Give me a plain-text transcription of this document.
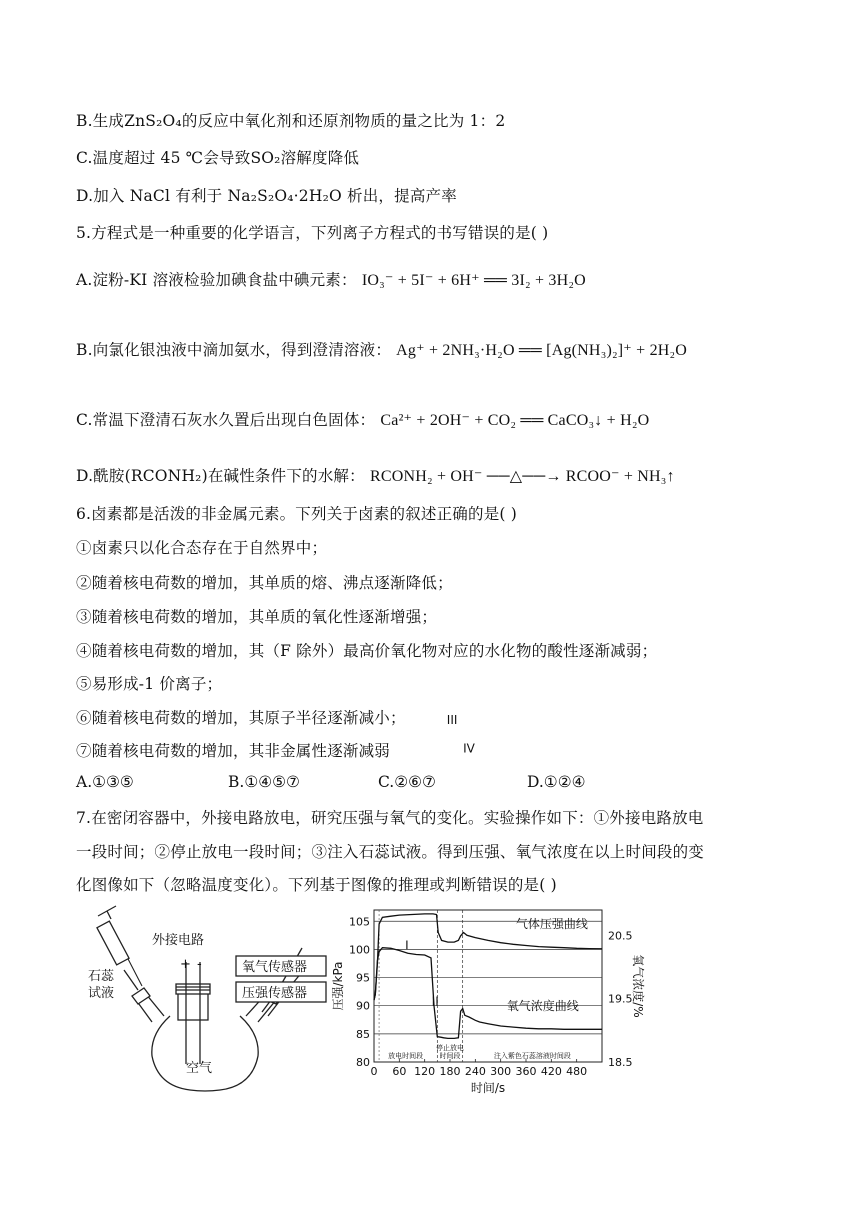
B.生成ZnS₂O₄的反应中氧化剂和还原剂物质的量之比为 1：2
C.温度超过 45 ℃会导致SO₂溶解度降低
D.加入 NaCl 有利于 Na₂S₂O₄·2H₂O 析出，提高产率
5.方程式是一种重要的化学语言，下列离子方程式的书写错误的是( )
A.淀粉-KI 溶液检验加碘食盐中碘元素： IO₃⁻ + 5I⁻ + 6H⁺ ══ 3I₂ + 3H₂O
B.向氯化银浊液中滴加氨水，得到澄清溶液： Ag⁺ + 2NH₃·H₂O ══ [Ag(NH₃)₂]⁺ + 2H₂O
C.常温下澄清石灰水久置后出现白色固体： Ca²⁺ + 2OH⁻ + CO₂ ══ CaCO₃↓ + H₂O
D.酰胺(RCONH₂)在碱性条件下的水解： RCONH₂ + OH⁻ ──△──→ RCOO⁻ + NH₃↑
6.卤素都是活泼的非金属元素。下列关于卤素的叙述正确的是( )
①卤素只以化合态存在于自然界中；
②随着核电荷数的增加，其单质的熔、沸点逐渐降低；
③随着核电荷数的增加，其单质的氧化性逐渐增强；
④随着核电荷数的增加，其（F 除外）最高价氧化物对应的水化物的酸性逐渐减弱；
⑤易形成-1 价离子；
⑥随着核电荷数的增加，其原子半径逐渐减小；
⑦随着核电荷数的增加，其非金属性逐渐减弱
A.①③⑤	B.①④⑤⑦	C.②⑥⑦	D.①②④
7.在密闭容器中，外接电路放电，研究压强与氧气的变化。实验操作如下：①外接电路放电
一段时间；②停止放电一段时间；③注入石蕊试液。得到压强、氧气浓度在以上时间段的变
化图像如下（忽略温度变化）。下列基于图像的推理或判断错误的是( )
外接电路
+ -
石蕊
试液
氧气传感器
压强传感器
空气	80
85
90
95
100
105
0 60 120 180 240 300 360 420 480
18.5
19.5
20.5
气体压强曲线
氧气浓度曲线
I
II
III
IV
放电时间段
停止放电
时间段	注入紫色石蕊溶液时间段
时间/s
压强/kPa	氧气浓度/%
